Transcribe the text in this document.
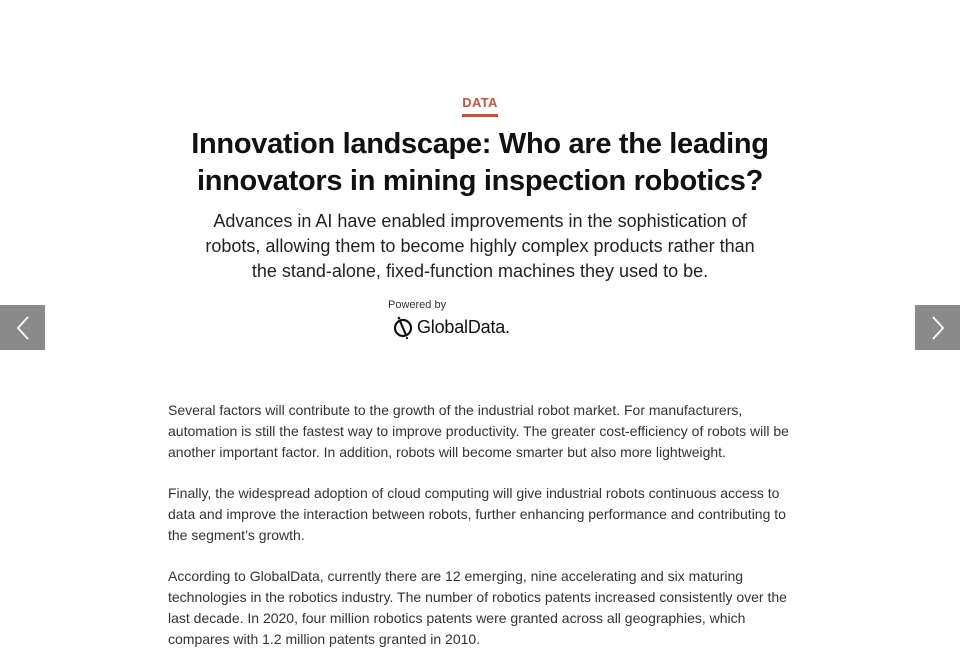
DATA
Innovation landscape: Who are the leading innovators in mining inspection robotics?

Advances in AI have enabled improvements in the sophistication of robots, allowing them to become highly complex products rather than the stand-alone, fixed-function machines they used to be.

Powered by
GlobalData.

Several factors will contribute to the growth of the industrial robot market. For manufacturers, automation is still the fastest way to improve productivity. The greater cost-efficiency of robots will be another important factor. In addition, robots will become smarter but also more lightweight.

Finally, the widespread adoption of cloud computing will give industrial robots continuous access to data and improve the interaction between robots, further enhancing performance and contributing to the segment’s growth.

According to GlobalData, currently there are 12 emerging, nine accelerating and six maturing technologies in the robotics industry. The number of robotics patents increased consistently over the last decade. In 2020, four million robotics patents were granted across all geographies, which compares with 1.2 million patents granted in 2010.
